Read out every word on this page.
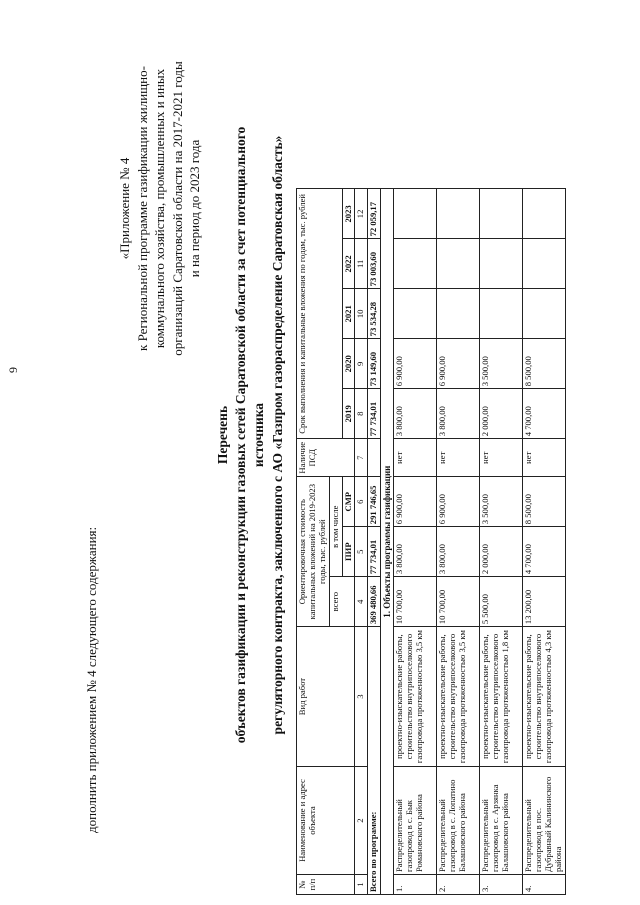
9
дополнить приложением № 4 следующего содержания:
«Приложение № 4 к Региональной программе газификации жилищно- коммунального хозяйства, промышленных и иных организаций Саратовской области на 2017-2021 годы и на период до 2023 года
Перечень объектов газификации и реконструкции газовых сетей Саратовской области за счет потенциального источника регуляторного контракта, заключенного с АО «Газпром газораспределение Саратовская область»
№ п/п	Наименование и адрес объекта	Вид работ	Ориентировочная стоимость капитальных вложений на 2019-2023 годы, тыс. рублей			Наличие ПСД	Срок выполнения и капитальные вложения по годам, тыс. рублей					
			всего	в том числе								
				ПИР	СМР		2019	2020	2021	2022	2023	
1	2	3	4	5	6	7	8	9	10	11	12	
Всего по программе:			369 480,66	77 734,01	291 746,65		77 734,01	73 149,60	73 534,28	73 003,60	72 059,17	
1. Объекты программы газификации												
1.	Распределительный газопровод в с. Бык Романовского района	проектно-изыскательские работы, строительство внутрипоселкового газопровода протяженностью 3,5 км	10 700,00	3 800,00	6 900,00	нет	3 800,00	6 900,00				
2.	Распределительный газопровод в с. Лопатино Балашовского района	проектно-изыскательские работы, строительство внутрипоселкового газопровода протяженностью 3,5 км	10 700,00	3 800,00	6 900,00	нет	3 800,00	6 900,00				
3.	Распределительный газопровод в с. Арзянка Балашовского района	проектно-изыскательские работы, строительство внутрипоселкового газопровода протяженностью 1,8 км	5 500,00	2 000,00	3 500,00	нет	2 000,00	3 500,00				
4.	Распределительный газопровод в пос. Дубравный Калининского района	проектно-изыскательские работы, строительство внутрипоселкового газопровода протяженностью 4,3 км	13 200,00	4 700,00	8 500,00	нет	4 700,00	8 500,00				
